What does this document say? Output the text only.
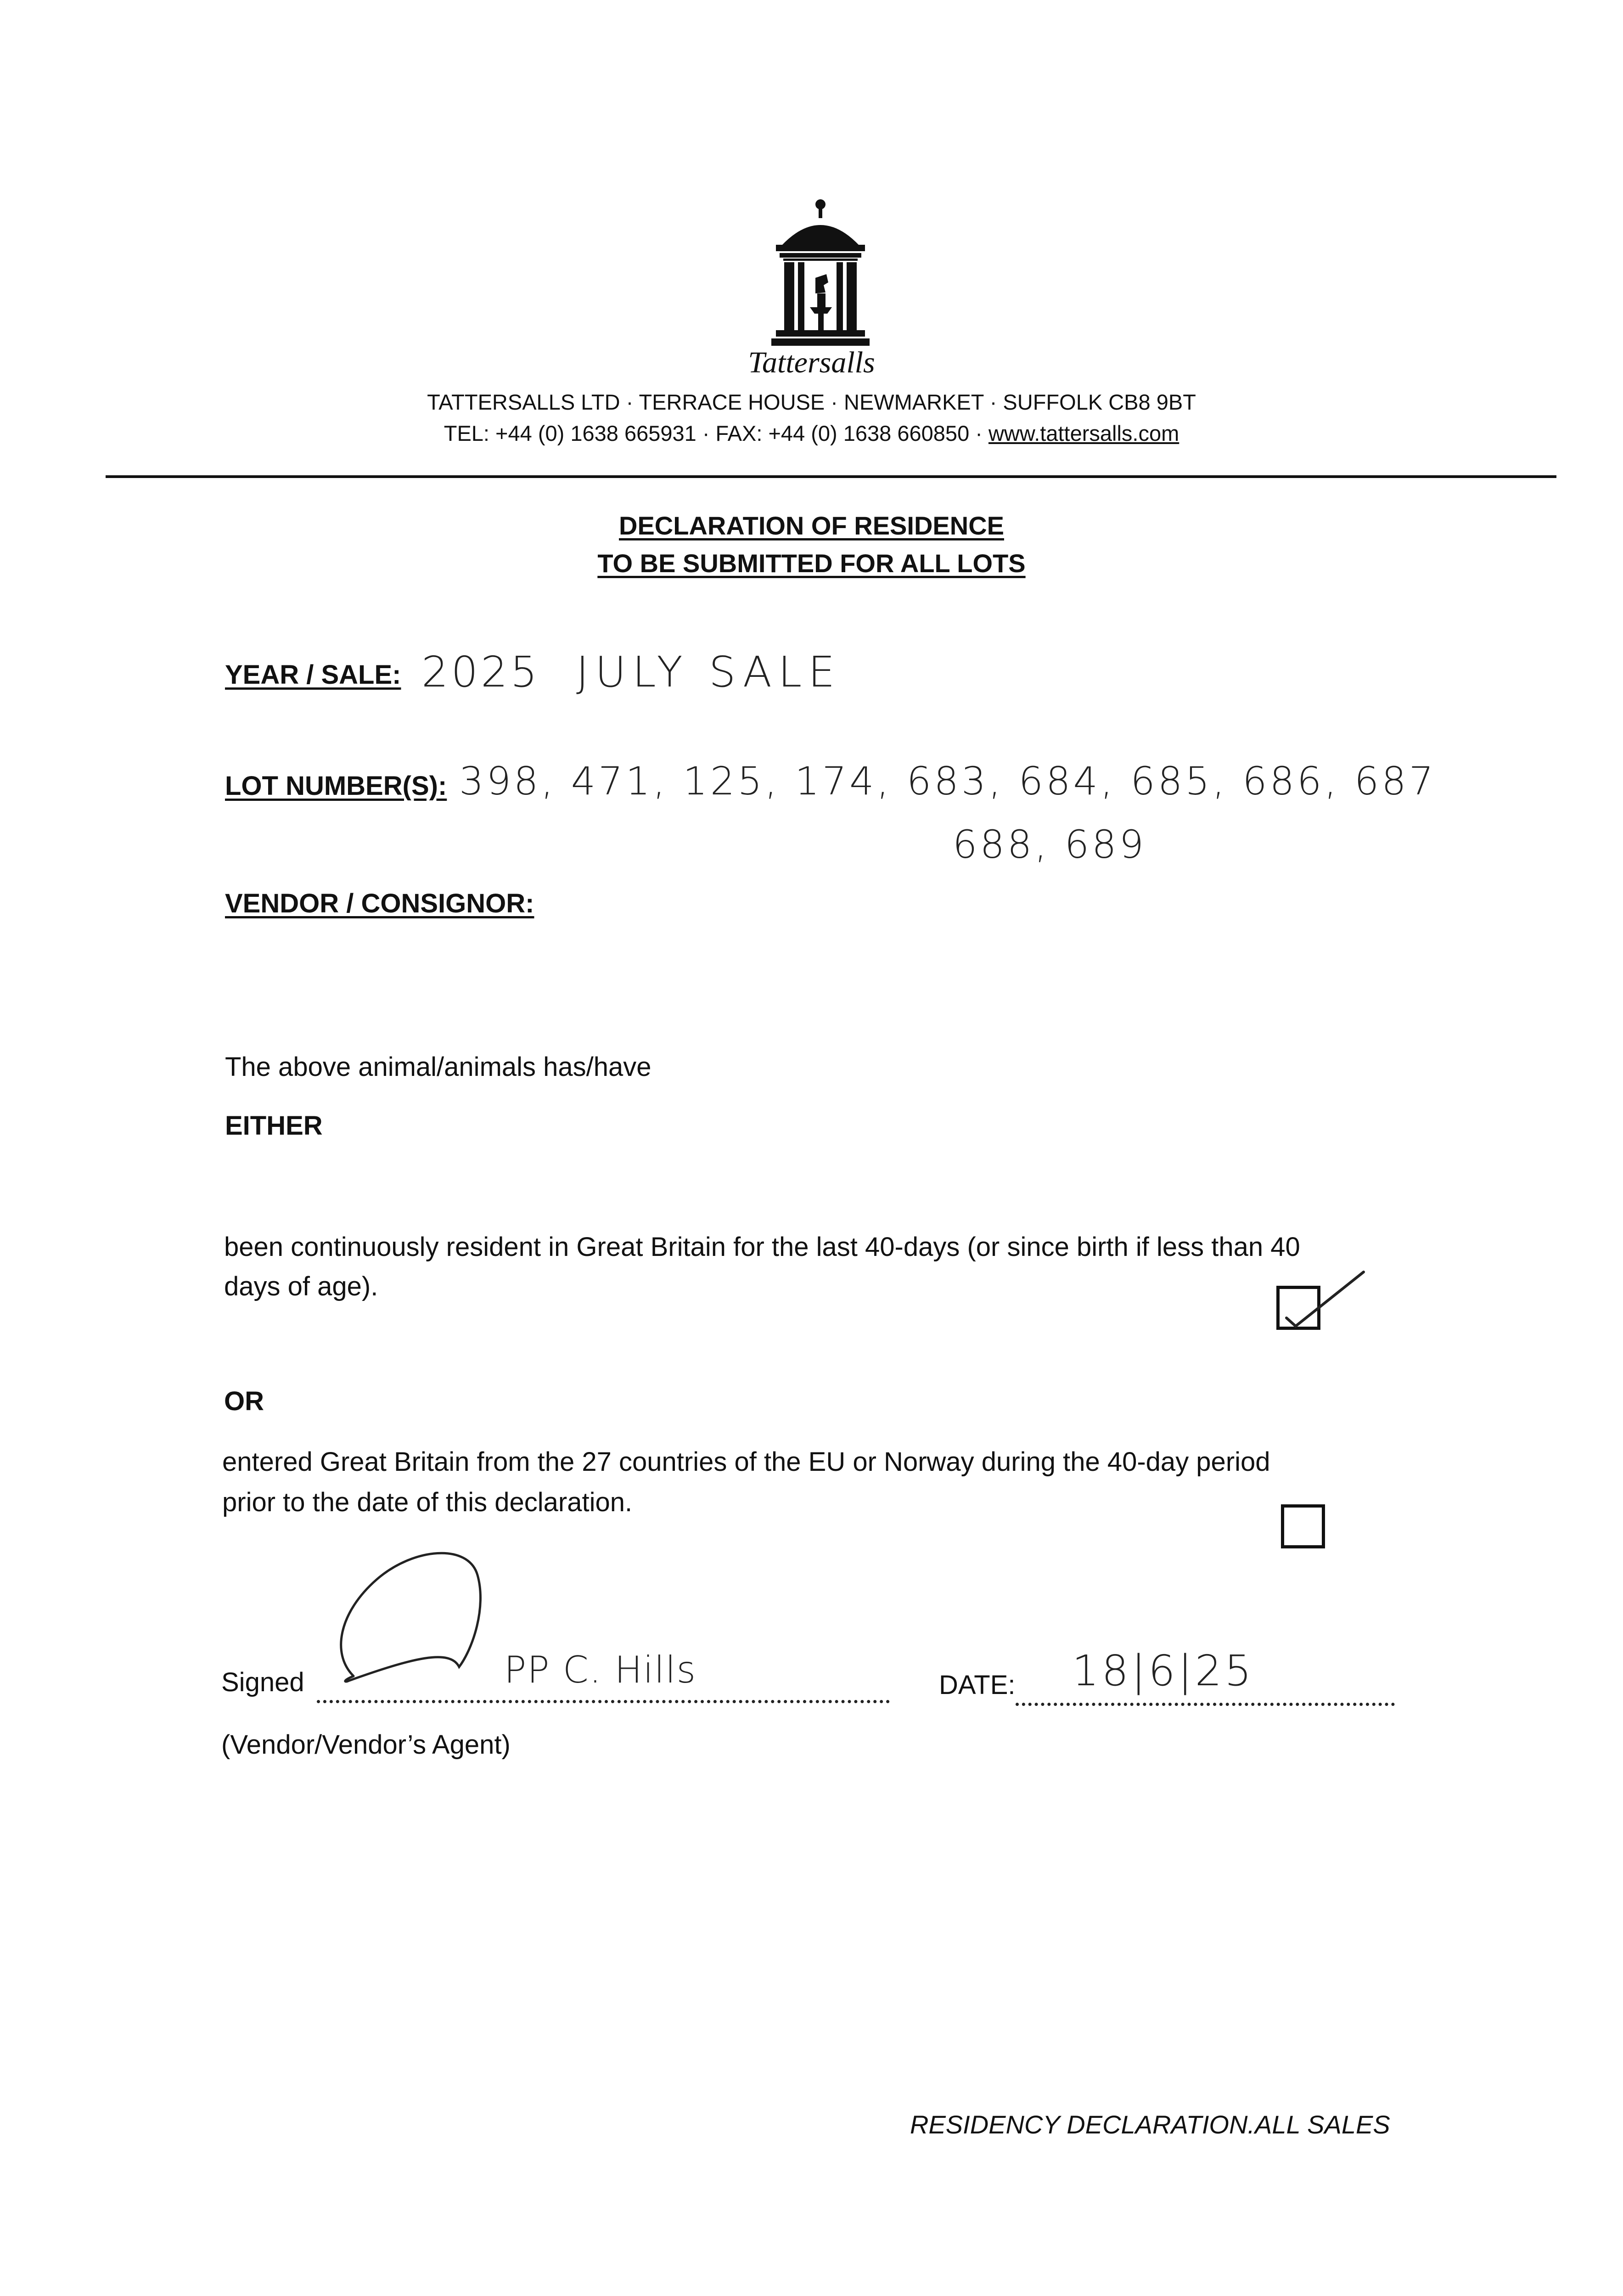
Tattersalls
TATTERSALLS LTD · TERRACE HOUSE · NEWMARKET · SUFFOLK CB8 9BT
TEL: +44 (0) 1638 665931 · FAX: +44 (0) 1638 660850 · www.tattersalls.com
DECLARATION OF RESIDENCE
TO BE SUBMITTED FOR ALL LOTS
YEAR / SALE: 2025 JULY SALE
LOT NUMBER(S): 398, 471, 125, 174, 683, 684, 685, 686, 687
688, 689
VENDOR / CONSIGNOR:
The above animal/animals has/have
EITHER
been continuously resident in Great Britain for the last 40-days (or since birth if less than 40
days of age).
OR
entered Great Britain from the 27 countries of the EU or Norway during the 40-day period
prior to the date of this declaration.
Signed	PP C. Hills	DATE: 18|6|25
(Vendor/Vendor’s Agent)
RESIDENCY DECLARATION.ALL SALES
